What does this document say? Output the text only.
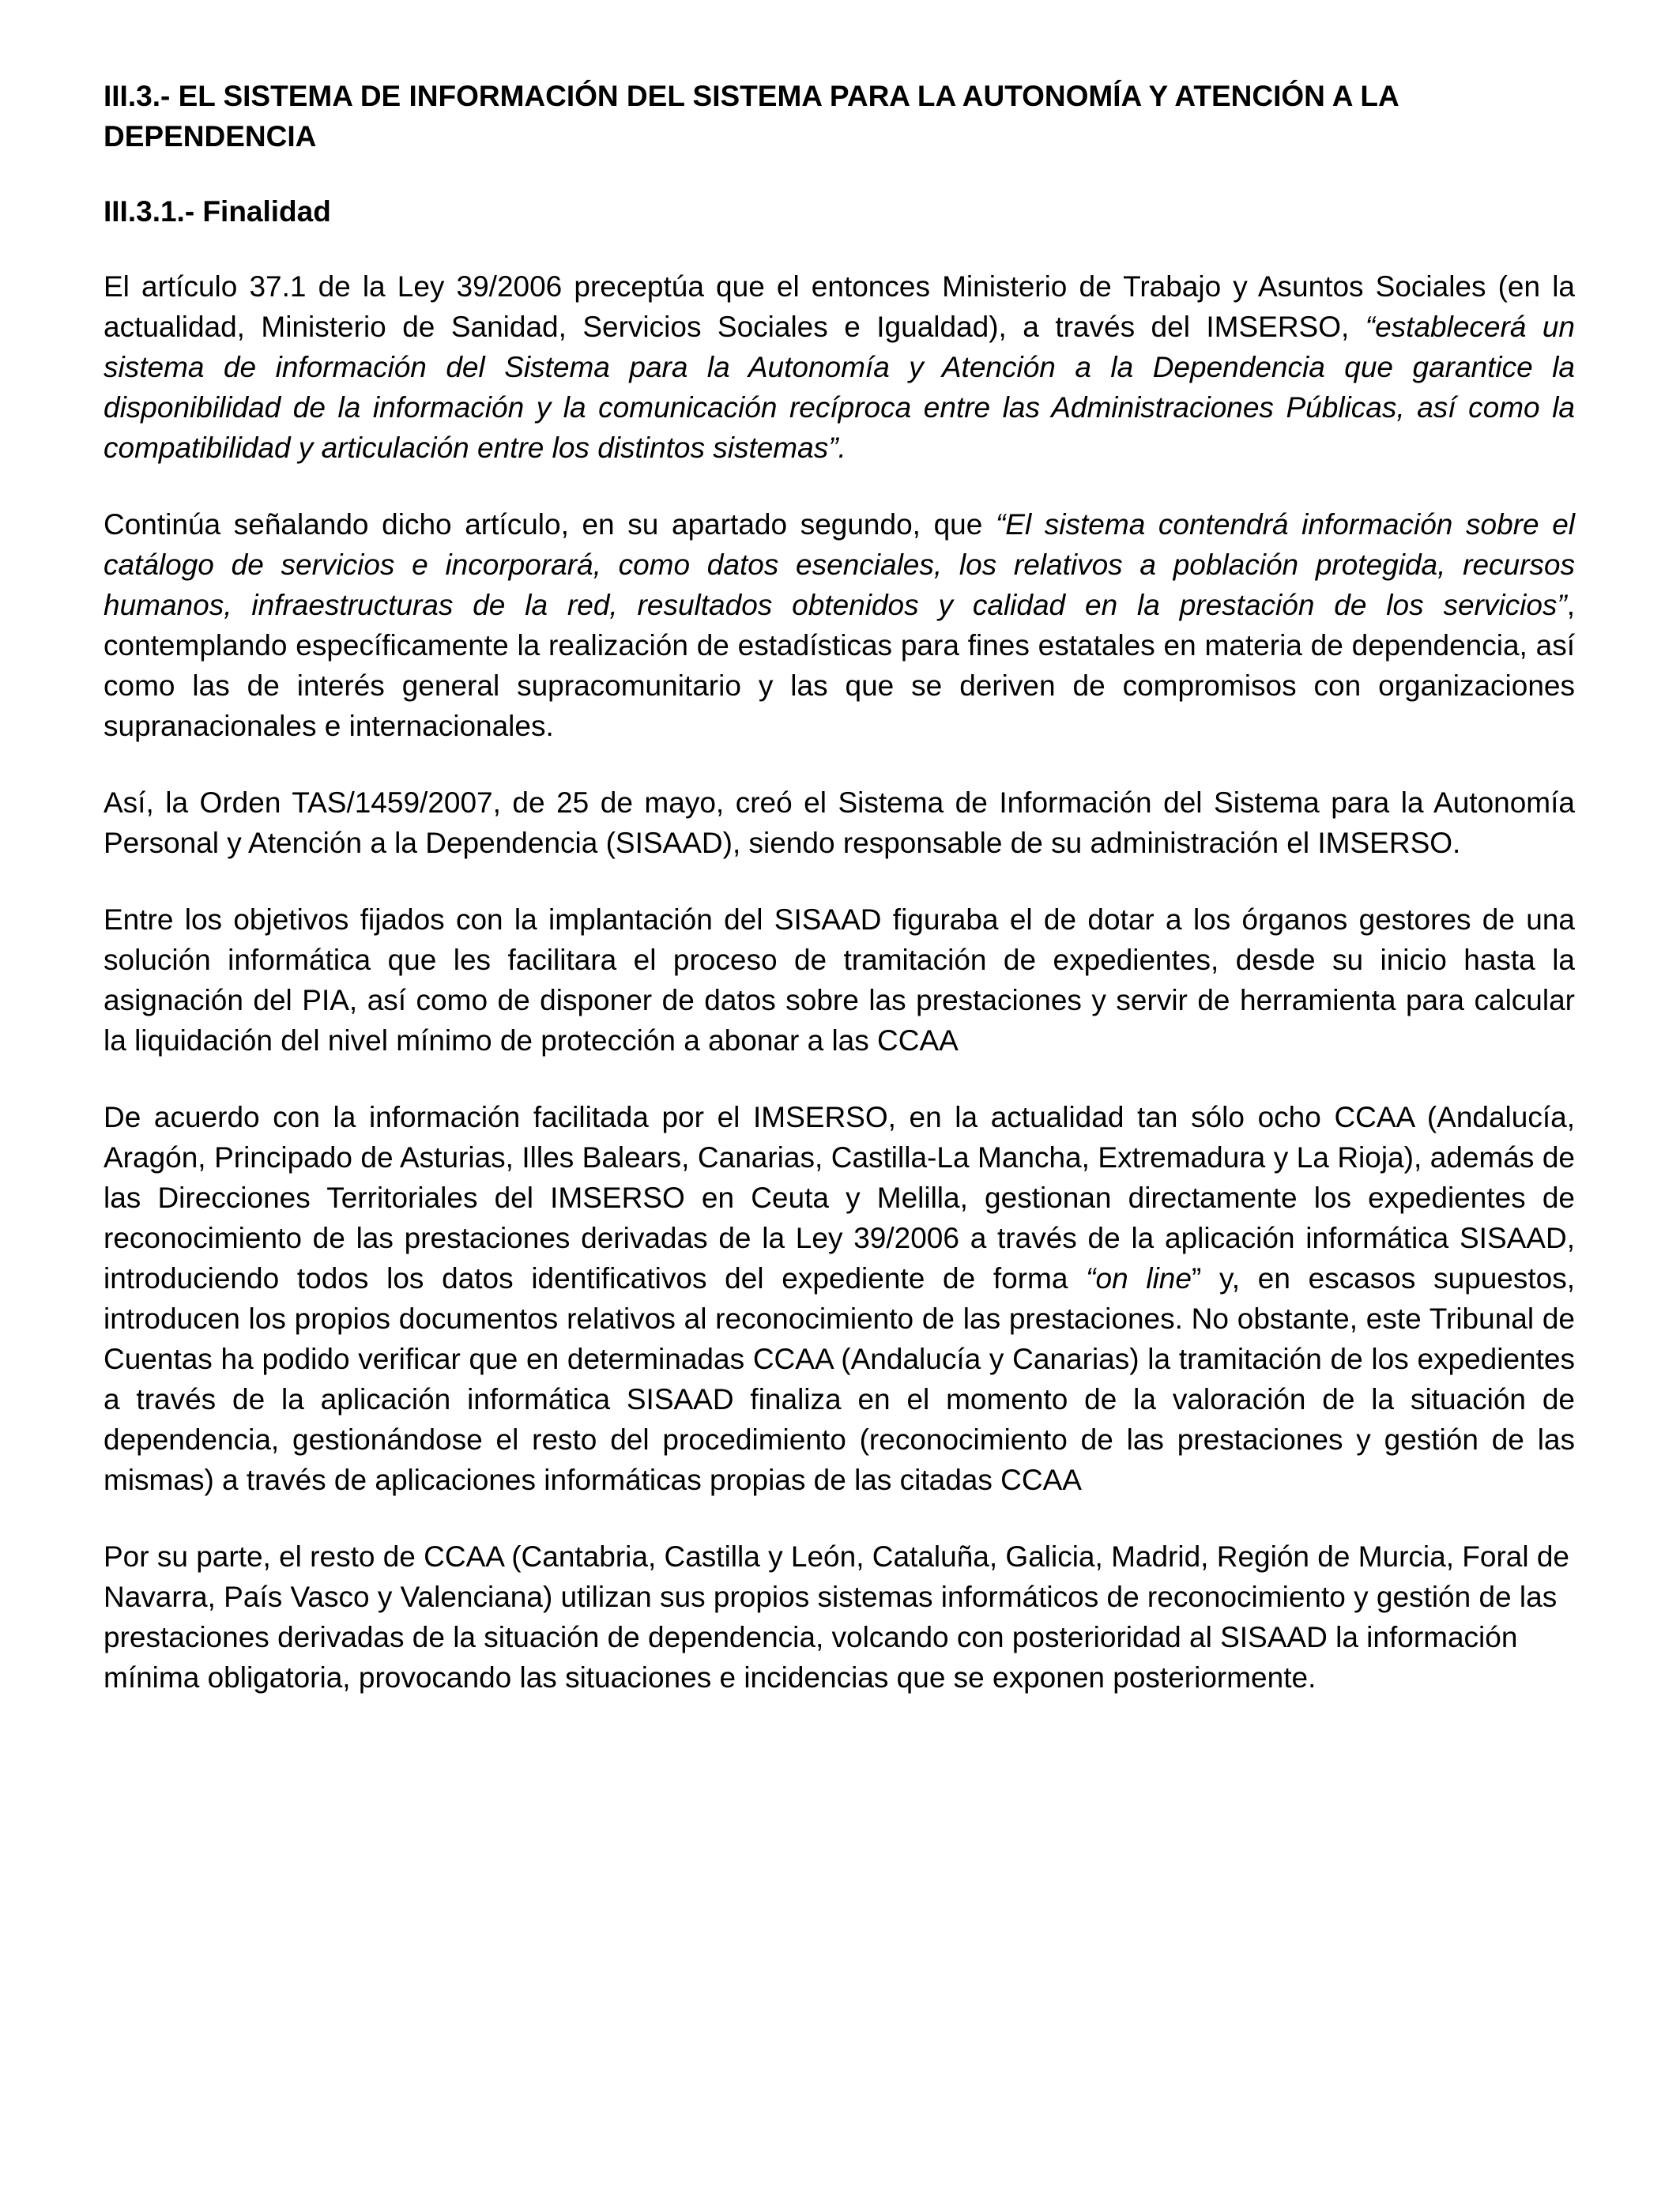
III.3.- EL SISTEMA DE INFORMACIÓN DEL SISTEMA PARA LA AUTONOMÍA Y ATENCIÓN A LA DEPENDENCIA
III.3.1.- Finalidad

El artículo 37.1 de la Ley 39/2006 preceptúa que el entonces Ministerio de Trabajo y Asuntos Sociales (en la actualidad, Ministerio de Sanidad, Servicios Sociales e Igualdad), a través del IMSERSO, “establecerá un sistema de información del Sistema para la Autonomía y Atención a la Dependencia que garantice la disponibilidad de la información y la comunicación recíproca entre las Administraciones Públicas, así como la compatibilidad y articulación entre los distintos sistemas”.

Continúa señalando dicho artículo, en su apartado segundo, que “El sistema contendrá información sobre el catálogo de servicios e incorporará, como datos esenciales, los relativos a población protegida, recursos humanos, infraestructuras de la red, resultados obtenidos y calidad en la prestación de los servicios”, contemplando específicamente la realización de estadísticas para fines estatales en materia de dependencia, así como las de interés general supracomunitario y las que se deriven de compromisos con organizaciones supranacionales e internacionales.

Así, la Orden TAS/1459/2007, de 25 de mayo, creó el Sistema de Información del Sistema para la Autonomía Personal y Atención a la Dependencia (SISAAD), siendo responsable de su administración el IMSERSO.

Entre los objetivos fijados con la implantación del SISAAD figuraba el de dotar a los órganos gestores de una solución informática que les facilitara el proceso de tramitación de expedientes, desde su inicio hasta la asignación del PIA, así como de disponer de datos sobre las prestaciones y servir de herramienta para calcular la liquidación del nivel mínimo de protección a abonar a las CCAA

De acuerdo con la información facilitada por el IMSERSO, en la actualidad tan sólo ocho CCAA (Andalucía, Aragón, Principado de Asturias, Illes Balears, Canarias, Castilla-La Mancha, Extremadura y La Rioja), además de las Direcciones Territoriales del IMSERSO en Ceuta y Melilla, gestionan directamente los expedientes de reconocimiento de las prestaciones derivadas de la Ley 39/2006 a través de la aplicación informática SISAAD, introduciendo todos los datos identificativos del expediente de forma “on line” y, en escasos supuestos, introducen los propios documentos relativos al reconocimiento de las prestaciones. No obstante, este Tribunal de Cuentas ha podido verificar que en determinadas CCAA (Andalucía y Canarias) la tramitación de los expedientes a través de la aplicación informática SISAAD finaliza en el momento de la valoración de la situación de dependencia, gestionándose el resto del procedimiento (reconocimiento de las prestaciones y gestión de las mismas) a través de aplicaciones informáticas propias de las citadas CCAA

Por su parte, el resto de CCAA (Cantabria, Castilla y León, Cataluña, Galicia, Madrid, Región de Murcia, Foral de Navarra, País Vasco y Valenciana) utilizan sus propios sistemas informáticos de reconocimiento y gestión de las prestaciones derivadas de la situación de dependencia, volcando con posterioridad al SISAAD la información mínima obligatoria, provocando las situaciones e incidencias que se exponen posteriormente.
